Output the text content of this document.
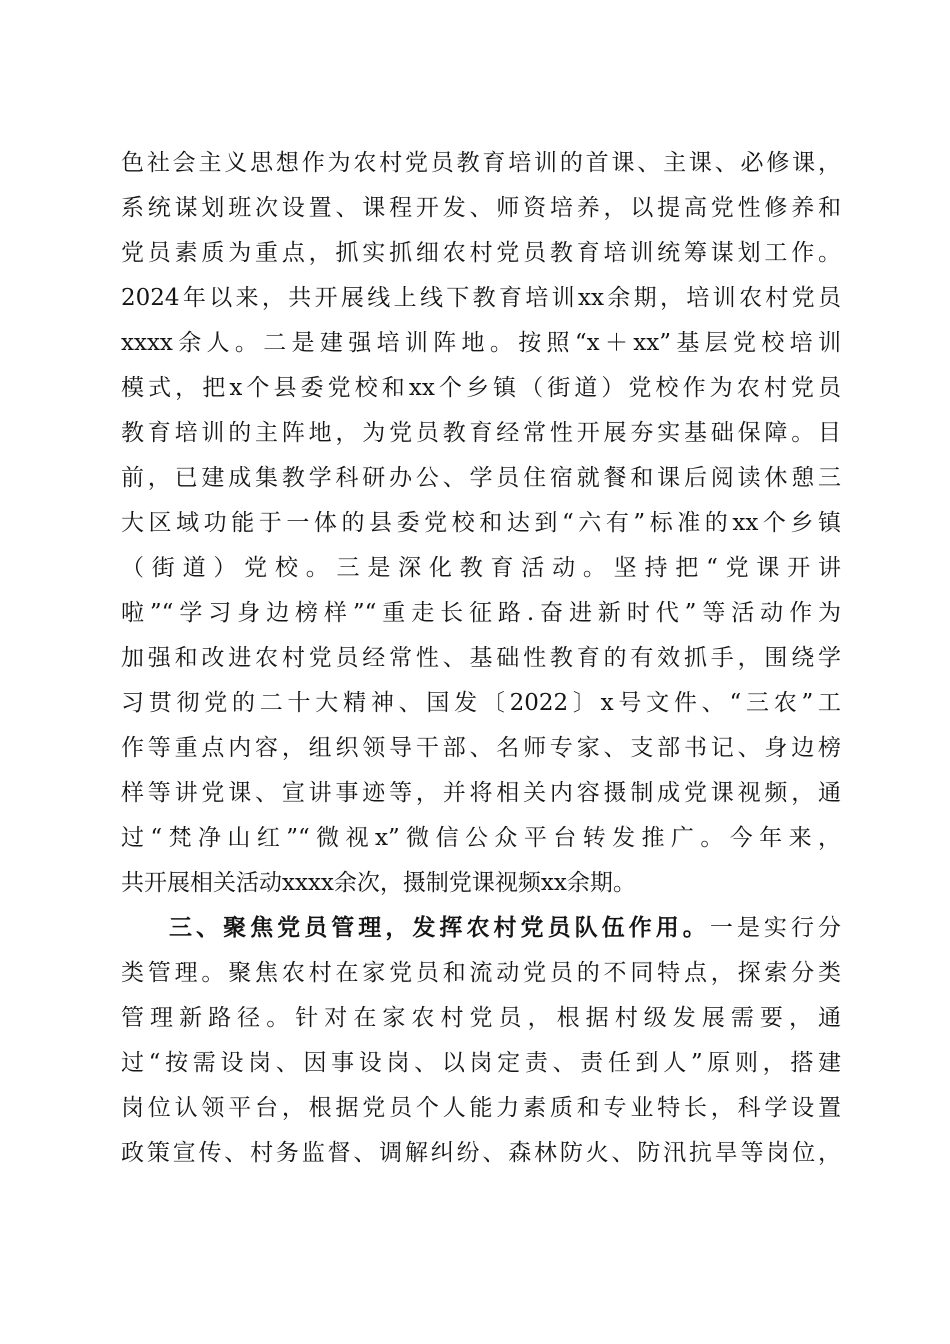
色社会主义思想作为农村党员教育培训的首课、主课、必修课，
系统谋划班次设置、课程开发、师资培养，以提高党性修养和
党员素质为重点，抓实抓细农村党员教育培训统筹谋划工作。
2024年以来，共开展线上线下教育培训xx余期，培训农村党员
xxxx余人。二是建强培训阵地。按照“x＋xx”基层党校培训
模式，把x个县委党校和xx个乡镇（街道）党校作为农村党员
教育培训的主阵地，为党员教育经常性开展夯实基础保障。目
前，已建成集教学科研办公、学员住宿就餐和课后阅读休憩三
大区域功能于一体的县委党校和达到“六有”标准的xx个乡镇
（街道）党校。三是深化教育活动。坚持把“党课开讲
啦”“学习身边榜样”“重走长征路.奋进新时代”等活动作为
加强和改进农村党员经常性、基础性教育的有效抓手，围绕学
习贯彻党的二十大精神、国发〔2022〕x号文件、“三农”工
作等重点内容，组织领导干部、名师专家、支部书记、身边榜
样等讲党课、宣讲事迹等，并将相关内容摄制成党课视频，通
过“梵净山红”“微视x”微信公众平台转发推广。今年来，
共开展相关活动xxxx余次，摄制党课视频xx余期。
三、聚焦党员管理，发挥农村党员队伍作用。一是实行分
类管理。聚焦农村在家党员和流动党员的不同特点，探索分类
管理新路径。针对在家农村党员，根据村级发展需要，通
过“按需设岗、因事设岗、以岗定责、责任到人”原则，搭建
岗位认领平台，根据党员个人能力素质和专业特长，科学设置
政策宣传、村务监督、调解纠纷、森林防火、防汛抗旱等岗位，
